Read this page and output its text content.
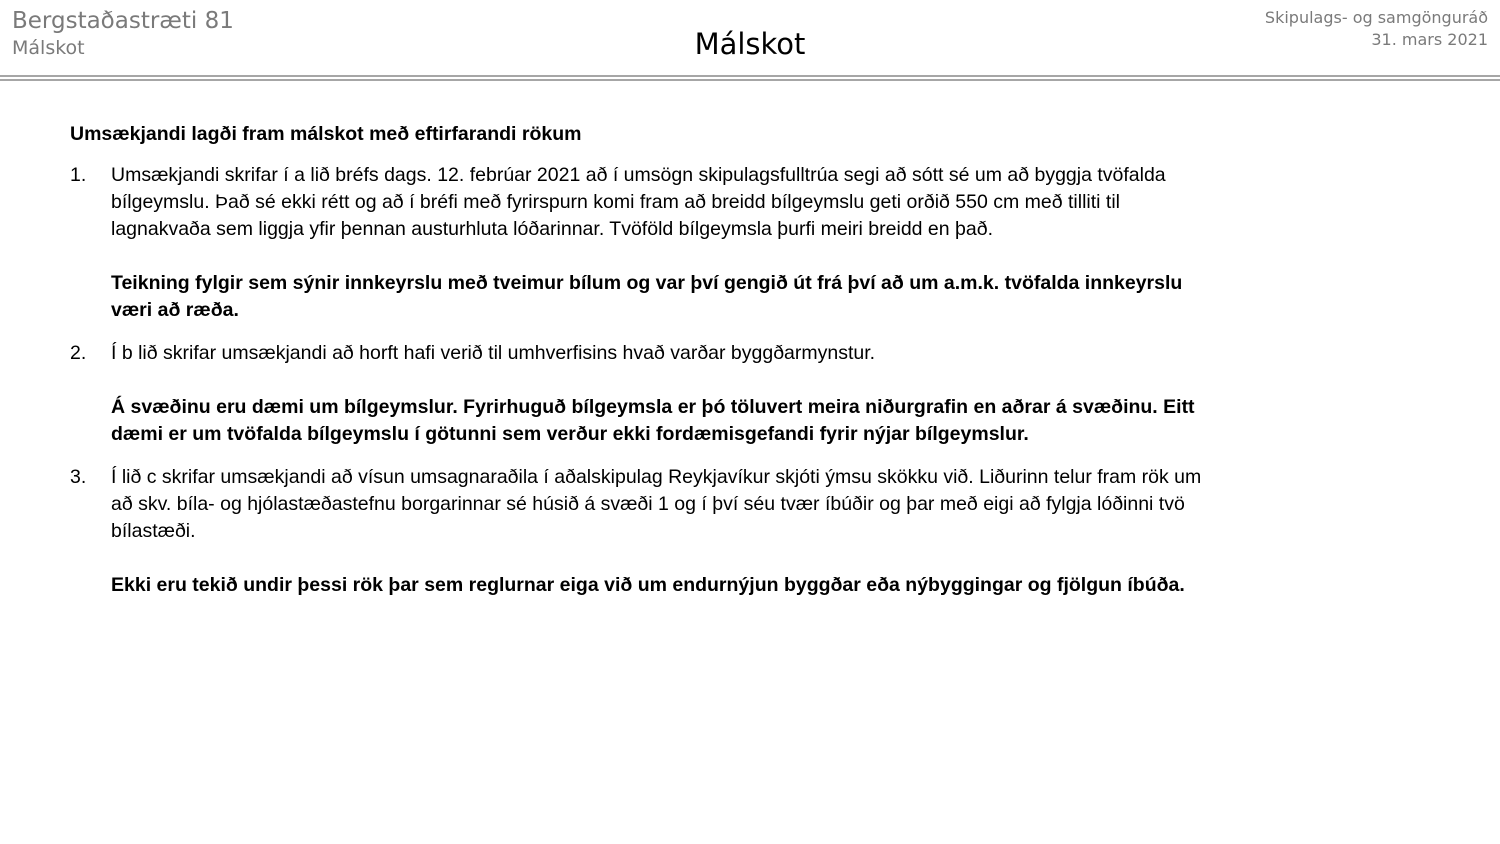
Bergstaðastræti 81
Málskot	Málskot
Skipulags- og samgönguráð
31. mars 2021

Umsækjandi lagði fram málskot með eftirfarandi rökum

1. Umsækjandi skrifar í a lið bréfs dags. 12. febrúar 2021 að í umsögn skipulagsfulltrúa segi að sótt sé um að byggja tvöfalda bílgeymslu. Það sé ekki rétt og að í bréfi með fyrirspurn komi fram að breidd bílgeymslu geti orðið 550 cm með tilliti til lagnakvaða sem liggja yfir þennan austurhluta lóðarinnar. Tvöföld bílgeymsla þurfi meiri breidd en það.

Teikning fylgir sem sýnir innkeyrslu með tveimur bílum og var því gengið út frá því að um a.m.k. tvöfalda innkeyrslu væri að ræða.

2. Í b lið skrifar umsækjandi að horft hafi verið til umhverfisins hvað varðar byggðarmynstur.

Á svæðinu eru dæmi um bílgeymslur. Fyrirhuguð bílgeymsla er þó töluvert meira niðurgrafin en aðrar á svæðinu. Eitt dæmi er um tvöfalda bílgeymslu í götunni sem verður ekki fordæmisgefandi fyrir nýjar bílgeymslur.

3. Í lið c skrifar umsækjandi að vísun umsagnaraðila í aðalskipulag Reykjavíkur skjóti ýmsu skökku við. Liðurinn telur fram rök um að skv. bíla- og hjólastæðastefnu borgarinnar sé húsið á svæði 1 og í því séu tvær íbúðir og þar með eigi að fylgja lóðinni tvö bílastæði.

Ekki eru tekið undir þessi rök þar sem reglurnar eiga við um endurnýjun byggðar eða nýbyggingar og fjölgun íbúða.
